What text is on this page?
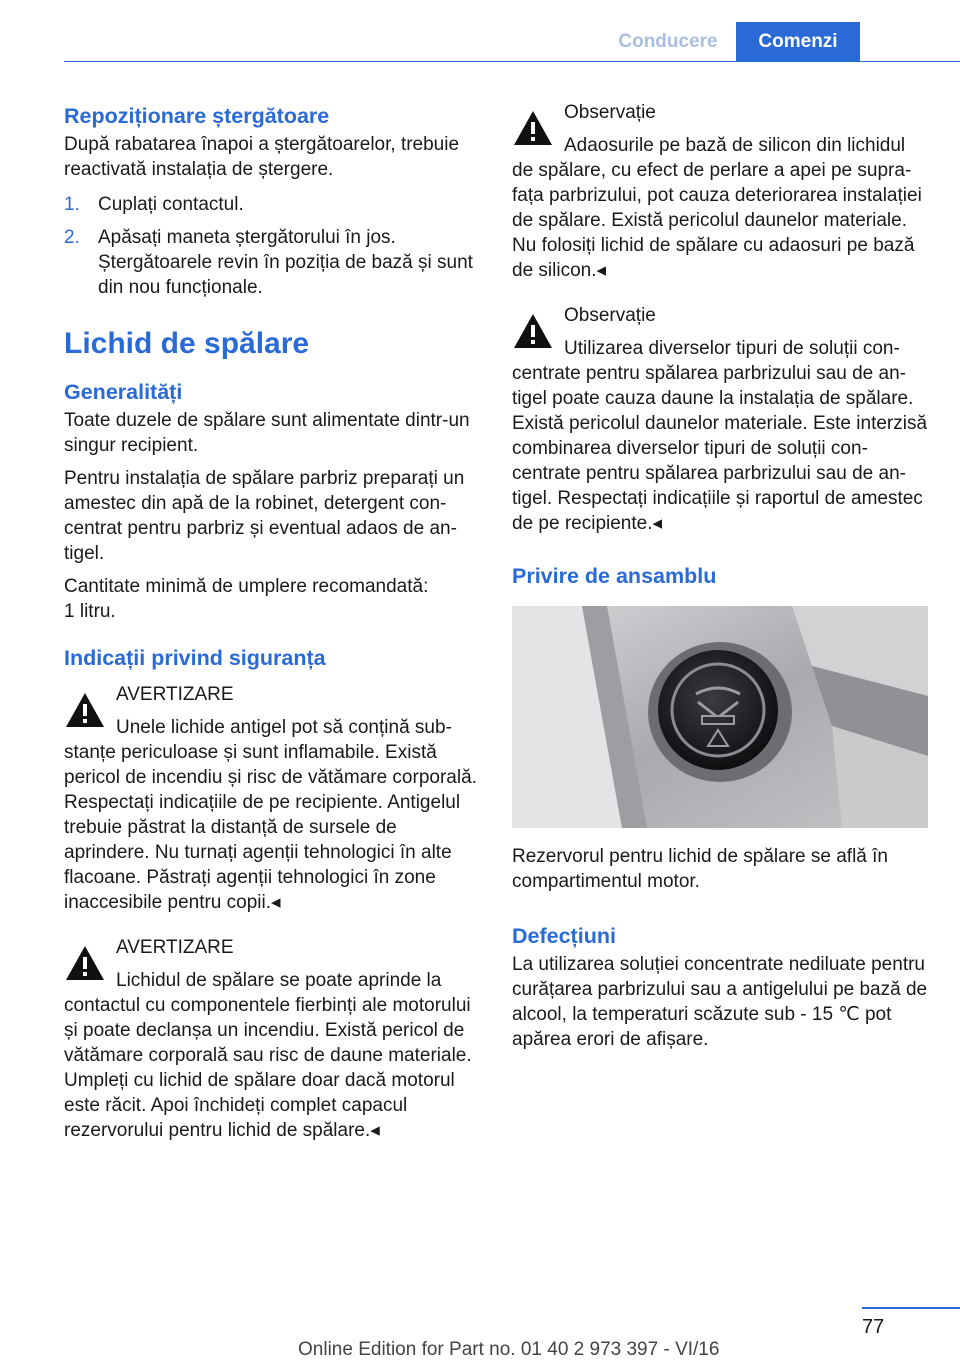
Conducere	Comenzi
Repoziționare ștergătoare

După rabatarea înapoi a ștergătoarelor, trebuie reactivată instalația de ștergere.

1. Cuplați contactul.
2. Apăsați maneta ștergătorului în jos. Ștergătoarele revin în poziția de bază și sunt din nou funcționale.
Lichid de spălare
Generalități

Toate duzele de spălare sunt alimentate dintr-un singur recipient.

Pentru instalația de spălare parbriz preparați un amestec din apă de la robinet, detergent concentrat pentru parbriz și eventual adaos de antigel.

Cantitate minimă de umplere recomandată:
1 litru.

Indicații privind siguranța

AVERTIZARE

Unele lichide antigel pot să conțină substanțe periculoase și sunt inflamabile. Există pericol de incendiu și risc de vătămare corporală. Respectați indicațiile de pe recipiente. Antigelul trebuie păstrat la distanță de sursele de aprindere. Nu turnați agenții tehnologici în alte flacoane. Păstrați agenții tehnologici în zone inaccesibile pentru copii.◂

AVERTIZARE

Lichidul de spălare se poate aprinde la contactul cu componentele fierbinți ale motorului și poate declanșa un incendiu. Există pericol de vătămare corporală sau risc de daune materiale. Umpleți cu lichid de spălare doar dacă motorul este răcit. Apoi închideți complet capacul rezervorului pentru lichid de spălare.◂

Observație

Adaosurile pe bază de silicon din lichidul de spălare, cu efect de perlare a apei pe suprafața parbrizului, pot cauza deteriorarea instalației de spălare. Există pericolul daunelor materiale. Nu folosiți lichid de spălare cu adaosuri pe bază de silicon.◂

Observație

Utilizarea diverselor tipuri de soluții concentrate pentru spălarea parbrizului sau de antigel poate cauza daune la instalația de spălare. Există pericolul daunelor materiale. Este interzisă combinarea diverselor tipuri de soluții concentrate pentru spălarea parbrizului sau de antigel. Respectați indicațiile și raportul de amestec de pe recipiente.◂

Privire de ansamblu

Rezervorul pentru lichid de spălare se află în compartimentul motor.

Defecțiuni

La utilizarea soluției concentrate nediluate pentru curățarea parbrizului sau a antigelului pe bază de alcool, la temperaturi scăzute sub - 15 ℃ pot apărea erori de afișare.

77
Online Edition for Part no. 01 40 2 973 397 - VI/16
